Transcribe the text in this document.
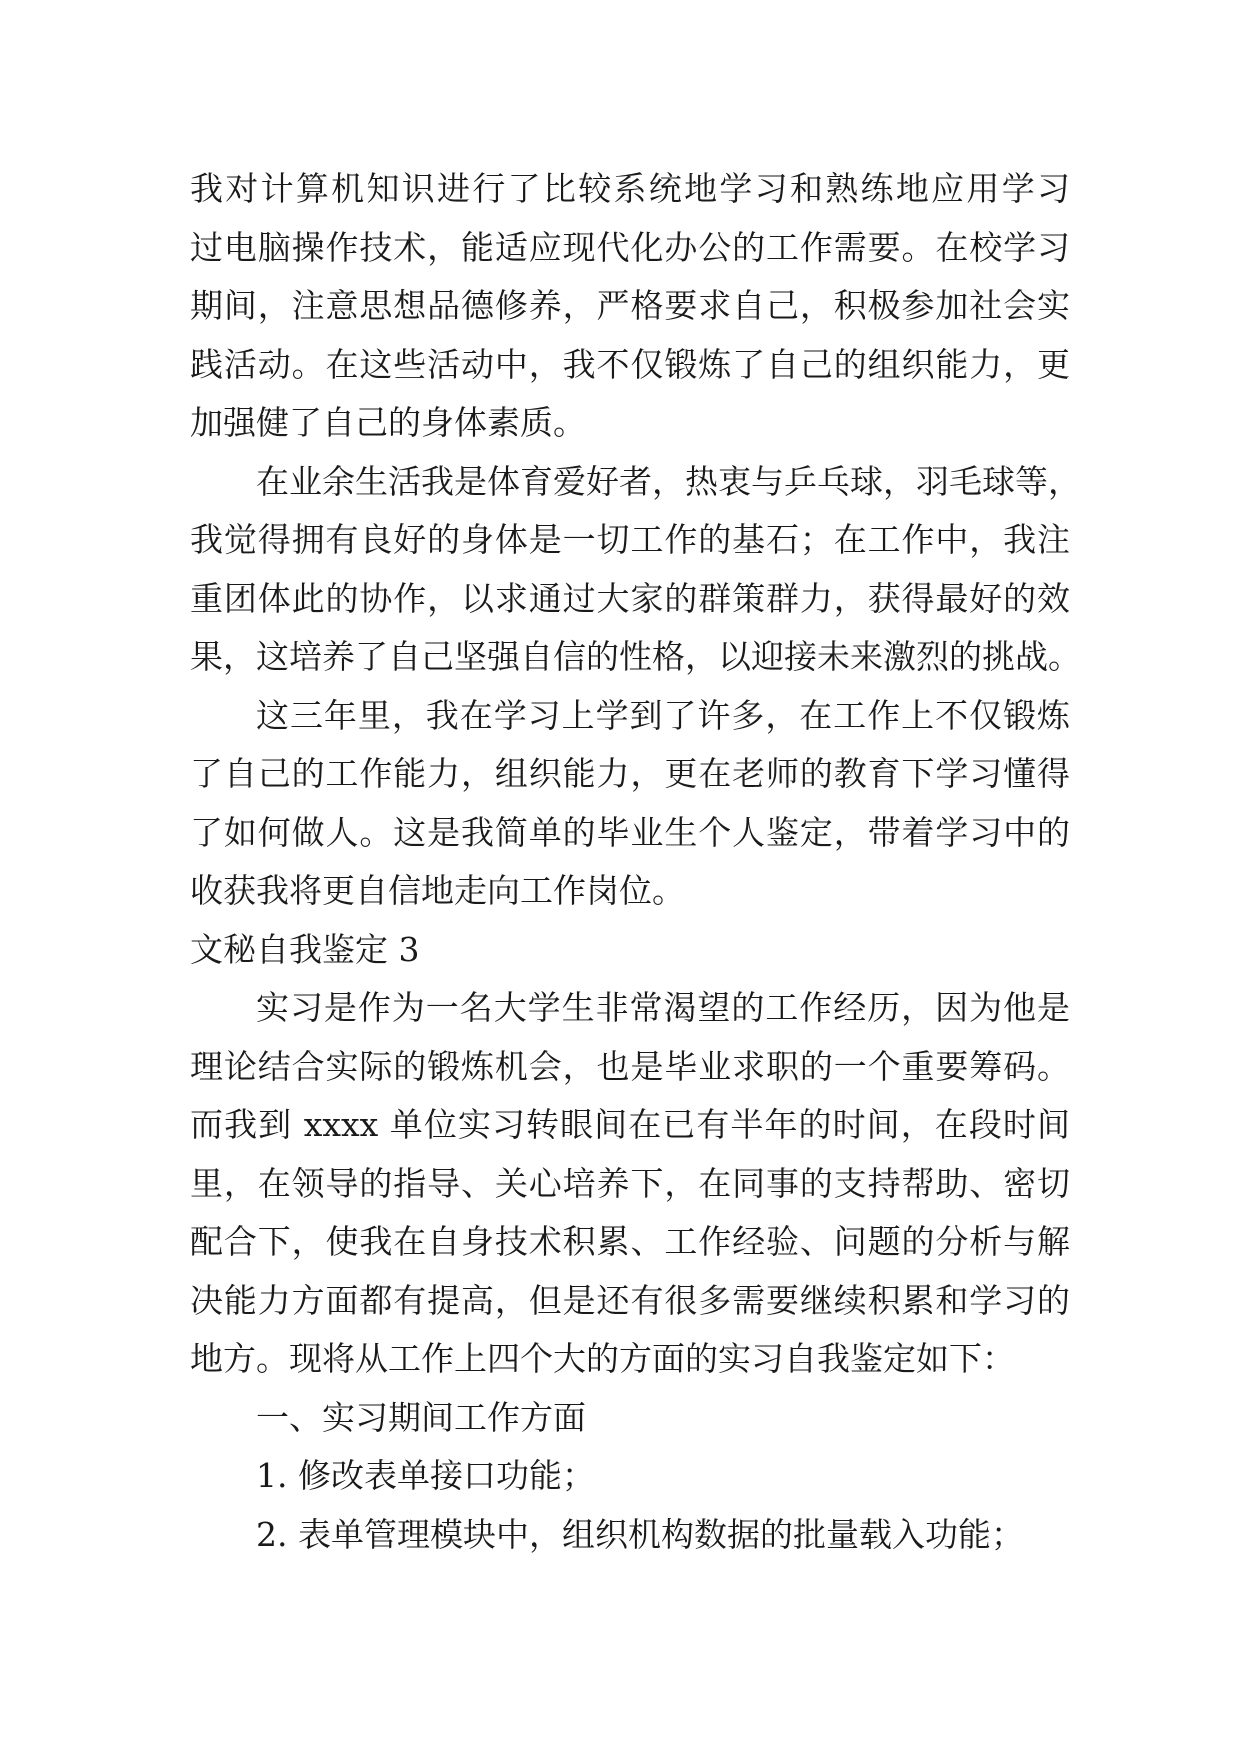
我对计算机知识进行了比较系统地学习和熟练地应用学习
过电脑操作技术，能适应现代化办公的工作需要。在校学习
期间，注意思想品德修养，严格要求自己，积极参加社会实
践活动。在这些活动中，我不仅锻炼了自己的组织能力，更
加强健了自己的身体素质。
在业余生活我是体育爱好者，热衷与乒乓球，羽毛球等，
我觉得拥有良好的身体是一切工作的基石；在工作中，我注
重团体此的协作，以求通过大家的群策群力，获得最好的效
果，这培养了自己坚强自信的性格，以迎接未来激烈的挑战。
这三年里，我在学习上学到了许多，在工作上不仅锻炼
了自己的工作能力，组织能力，更在老师的教育下学习懂得
了如何做人。这是我简单的毕业生个人鉴定，带着学习中的
收获我将更自信地走向工作岗位。
文秘自我鉴定 3
实习是作为一名大学生非常渴望的工作经历，因为他是
理论结合实际的锻炼机会，也是毕业求职的一个重要筹码。
而我到 xxxx 单位实习转眼间在已有半年的时间，在段时间
里，在领导的指导、关心培养下，在同事的支持帮助、密切
配合下，使我在自身技术积累、工作经验、问题的分析与解
决能力方面都有提高，但是还有很多需要继续积累和学习的
地方。现将从工作上四个大的方面的实习自我鉴定如下：
一、实习期间工作方面
1. 修改表单接口功能；
2. 表单管理模块中，组织机构数据的批量载入功能；
